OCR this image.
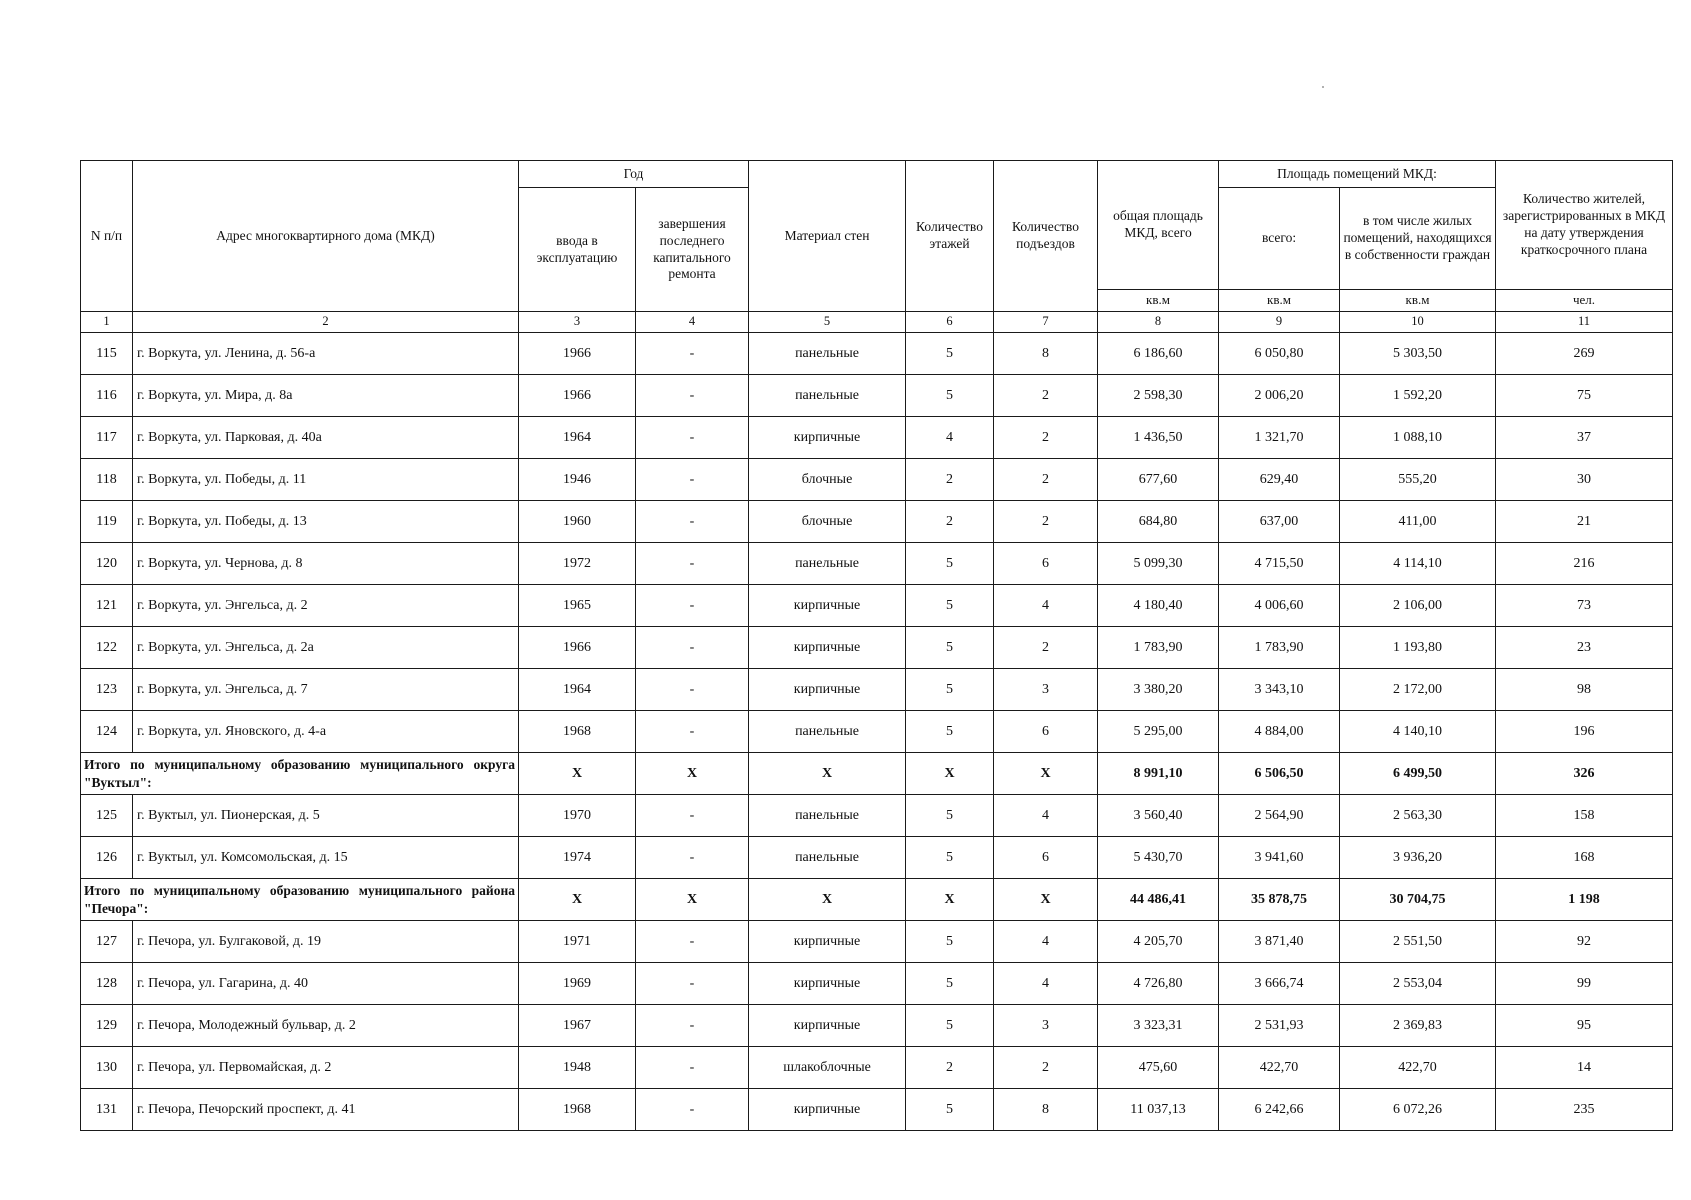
N п/п	Адрес многоквартирного дома (МКД)	Год		Материал стен	Количество этажей	Количество подъездов	общая площадь МКД, всего	Площадь помещений МКД:		Количество жителей, зарегистрированных в МКД на дату утверждения краткосрочного плана
		ввода в эксплуатацию	завершения последнего капитального ремонта					всего:	в том числе жилых помещений, находящихся в собственности граждан	
							кв.м	кв.м	кв.м	чел.
1	2	3	4	5	6	7	8	9	10	11
115	г. Воркута, ул. Ленина, д. 56-а	1966	-	панельные	5	8	6 186,60	6 050,80	5 303,50	269
116	г. Воркута, ул. Мира, д. 8а	1966	-	панельные	5	2	2 598,30	2 006,20	1 592,20	75
117	г. Воркута, ул. Парковая, д. 40а	1964	-	кирпичные	4	2	1 436,50	1 321,70	1 088,10	37
118	г. Воркута, ул. Победы, д. 11	1946	-	блочные	2	2	677,60	629,40	555,20	30
119	г. Воркута, ул. Победы, д. 13	1960	-	блочные	2	2	684,80	637,00	411,00	21
120	г. Воркута, ул. Чернова, д. 8	1972	-	панельные	5	6	5 099,30	4 715,50	4 114,10	216
121	г. Воркута, ул. Энгельса, д. 2	1965	-	кирпичные	5	4	4 180,40	4 006,60	2 106,00	73
122	г. Воркута, ул. Энгельса, д. 2а	1966	-	кирпичные	5	2	1 783,90	1 783,90	1 193,80	23
123	г. Воркута, ул. Энгельса, д. 7	1964	-	кирпичные	5	3	3 380,20	3 343,10	2 172,00	98
124	г. Воркута, ул. Яновского, д. 4-а	1968	-	панельные	5	6	5 295,00	4 884,00	4 140,10	196
Итого по муниципальному образованию муниципального округа "Вуктыл":		X	X	X	X	X	8 991,10	6 506,50	6 499,50	326
125	г. Вуктыл, ул. Пионерская, д. 5	1970	-	панельные	5	4	3 560,40	2 564,90	2 563,30	158
126	г. Вуктыл, ул. Комсомольская, д. 15	1974	-	панельные	5	6	5 430,70	3 941,60	3 936,20	168
Итого по муниципальному образованию муниципального района "Печора":		X	X	X	X	X	44 486,41	35 878,75	30 704,75	1 198
127	г. Печора, ул. Булгаковой, д. 19	1971	-	кирпичные	5	4	4 205,70	3 871,40	2 551,50	92
128	г. Печора, ул. Гагарина, д. 40	1969	-	кирпичные	5	4	4 726,80	3 666,74	2 553,04	99
129	г. Печора, Молодежный бульвар, д. 2	1967	-	кирпичные	5	3	3 323,31	2 531,93	2 369,83	95
130	г. Печора, ул. Первомайская, д. 2	1948	-	шлакоблочные	2	2	475,60	422,70	422,70	14
131	г. Печора, Печорский проспект, д. 41	1968	-	кирпичные	5	8	11 037,13	6 242,66	6 072,26	235
